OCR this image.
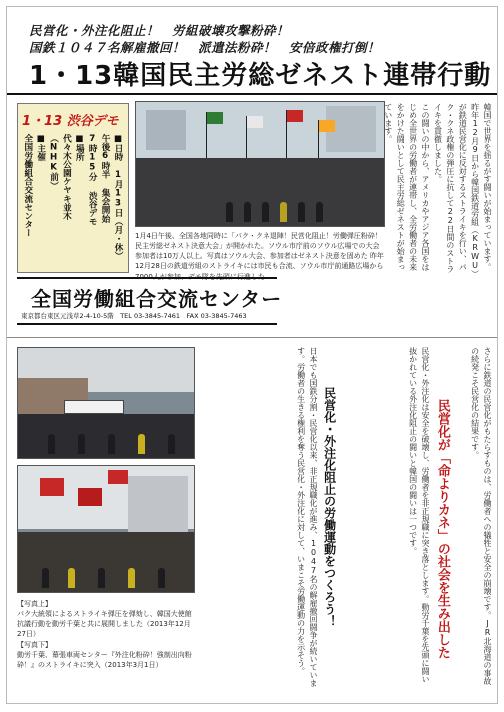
民営化・外注化阻止！　労組破壊攻撃粉砕！
国鉄１０４７名解雇撤回！　派遣法粉砕！　安倍政権打倒！
1・13韓国民主労総ゼネスト連帯行動
1・13 渋谷デモ
■日時　1月13日（月・休）
午後6時半 集会開始
7時15分 渋谷デモ
■場所
代々木公園ケヤキ並木
（NHK前）
■主催
全国労働組合交流センター	1月4日午後、全国各地同時に「パク・クネ退陣！民営化阻止！労働弾圧粉砕！民主労総ゼネスト決意大会」が開かれた。ソウル市庁前のソウル広場での大会参加者は10万人以上。写真はソウル大会、参加者はゼネスト決意を固めた 昨年12月28日の鉄道労組のストライキには市民も合流、ソウル市庁前通路広場から7000人が参加、デモ隊を先頭に行進した
韓国で世界を揺るがす闘いが始まっています。昨年12月9日から韓国鉄道労組（KRWU）が鉄道民営化に反対するストライキを行い、パク・クネ政権の弾圧に抗して22日間のストライキを貫徹しました。
この闘いの中から、アメリカやアジア各国をはじめ全世界の労働者が連帯し、全労働者の未来をかけた闘いとして民主労総ゼネストが始まっています。
全国労働組合交流センター
東京都台東区元浅草2-4-10-5階　TEL 03-3845-7461　FAX 03-3845-7463
【写真上】
パク大統領によるストライキ弾圧を弾劾し、韓国大使館抗議行動を動労千葉と共に展開しました（2013年12月27日）
【写真下】
動労千葉、幕張車両センター『外注化粉砕！強制出向粉砕！』のストライキに突入（2013年3月1日）	日本でも国鉄分割・民営化以来、非正規職化が進み、1047名の解雇撤回闘争が続いています。労働者の生きる権利を奪う民営化・外注化に対して、いまこそ労働運動の力を示そう。	民営化・外注化阻止の労働運動をつくろう！	民営化・外注化は安全を破壊し、労働者を非正規職に突き落とします。動労千葉を先頭に闘い抜かれている外注化阻止の闘いと韓国の闘いは一つです。	民営化が「命よりカネ」の社会を生み出した	さらに鉄道の民営化がもたらすものは、労働者への犠牲と安全の崩壊です。JR北海道の事故の続発こそ民営化の結果です。
